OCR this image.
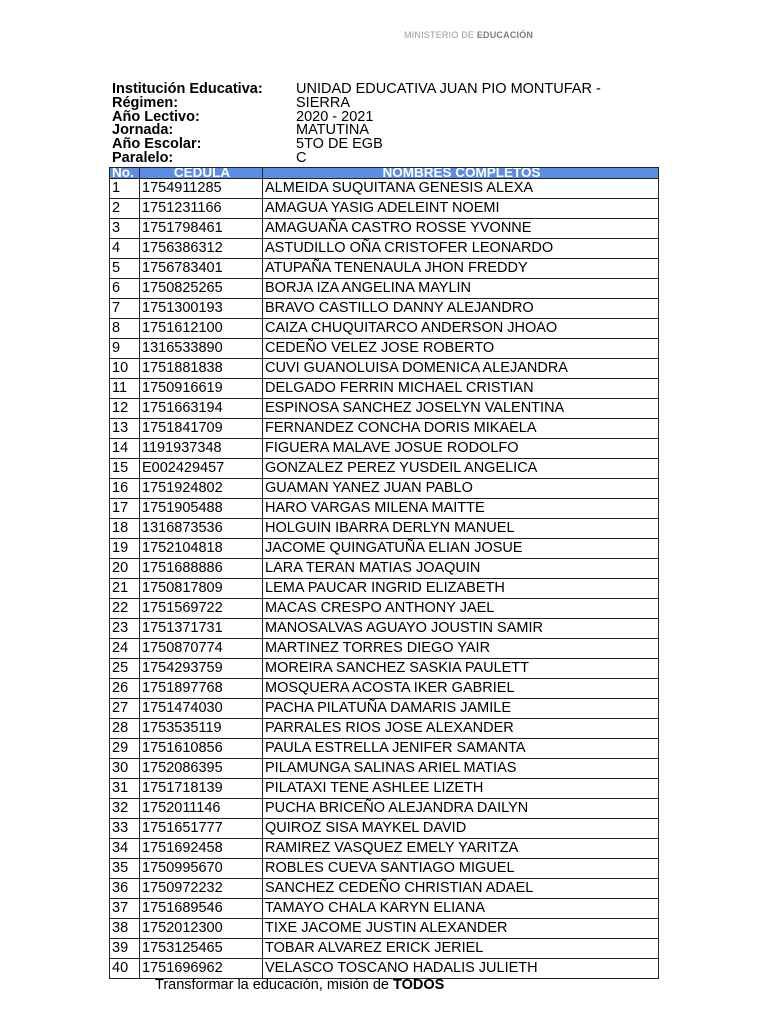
MINISTERIO DE EDUCACIÓN
Institución Educativa:	UNIDAD EDUCATIVA JUAN PIO MONTUFAR -
Régimen:	SIERRA
Año Lectivo:	2020 - 2021
Jornada:	MATUTINA
Año Escolar:	5TO DE EGB
Paralelo:	C
No.	CEDULA	NOMBRES COMPLETOS
1	1754911285	ALMEIDA SUQUITANA GENESIS ALEXA
2	1751231166	AMAGUA YASIG ADELEINT NOEMI
3	1751798461	AMAGUAÑA CASTRO ROSSE YVONNE
4	1756386312	ASTUDILLO OÑA CRISTOFER LEONARDO
5	1756783401	ATUPAÑA TENENAULA JHON FREDDY
6	1750825265	BORJA IZA ANGELINA MAYLIN
7	1751300193	BRAVO CASTILLO DANNY ALEJANDRO
8	1751612100	CAIZA CHUQUITARCO ANDERSON JHOAO
9	1316533890	CEDEÑO VELEZ JOSE ROBERTO
10	1751881838	CUVI GUANOLUISA DOMENICA ALEJANDRA
11	1750916619	DELGADO FERRIN MICHAEL CRISTIAN
12	1751663194	ESPINOSA SANCHEZ JOSELYN VALENTINA
13	1751841709	FERNANDEZ CONCHA DORIS MIKAELA
14	1191937348	FIGUERA MALAVE JOSUE RODOLFO
15	E002429457	GONZALEZ PEREZ YUSDEIL ANGELICA
16	1751924802	GUAMAN YANEZ JUAN PABLO
17	1751905488	HARO VARGAS MILENA MAITTE
18	1316873536	HOLGUIN IBARRA DERLYN MANUEL
19	1752104818	JACOME QUINGATUÑA ELIAN JOSUE
20	1751688886	LARA TERAN MATIAS JOAQUIN
21	1750817809	LEMA PAUCAR INGRID ELIZABETH
22	1751569722	MACAS CRESPO ANTHONY JAEL
23	1751371731	MANOSALVAS AGUAYO JOUSTIN SAMIR
24	1750870774	MARTINEZ TORRES DIEGO YAIR
25	1754293759	MOREIRA SANCHEZ SASKIA PAULETT
26	1751897768	MOSQUERA ACOSTA IKER GABRIEL
27	1751474030	PACHA PILATUÑA DAMARIS JAMILE
28	1753535119	PARRALES RIOS JOSE ALEXANDER
29	1751610856	PAULA ESTRELLA JENIFER SAMANTA
30	1752086395	PILAMUNGA SALINAS ARIEL MATIAS
31	1751718139	PILATAXI TENE ASHLEE LIZETH
32	1752011146	PUCHA BRICEÑO ALEJANDRA DAILYN
33	1751651777	QUIROZ SISA MAYKEL DAVID
34	1751692458	RAMIREZ VASQUEZ EMELY YARITZA
35	1750995670	ROBLES CUEVA SANTIAGO MIGUEL
36	1750972232	SANCHEZ CEDEÑO CHRISTIAN ADAEL
37	1751689546	TAMAYO CHALA KARYN ELIANA
38	1752012300	TIXE JACOME JUSTIN ALEXANDER
39	1753125465	TOBAR ALVAREZ ERICK JERIEL
40	1751696962	VELASCO TOSCANO HADALIS JULIETH
Transformar la educación, misión de TODOS
